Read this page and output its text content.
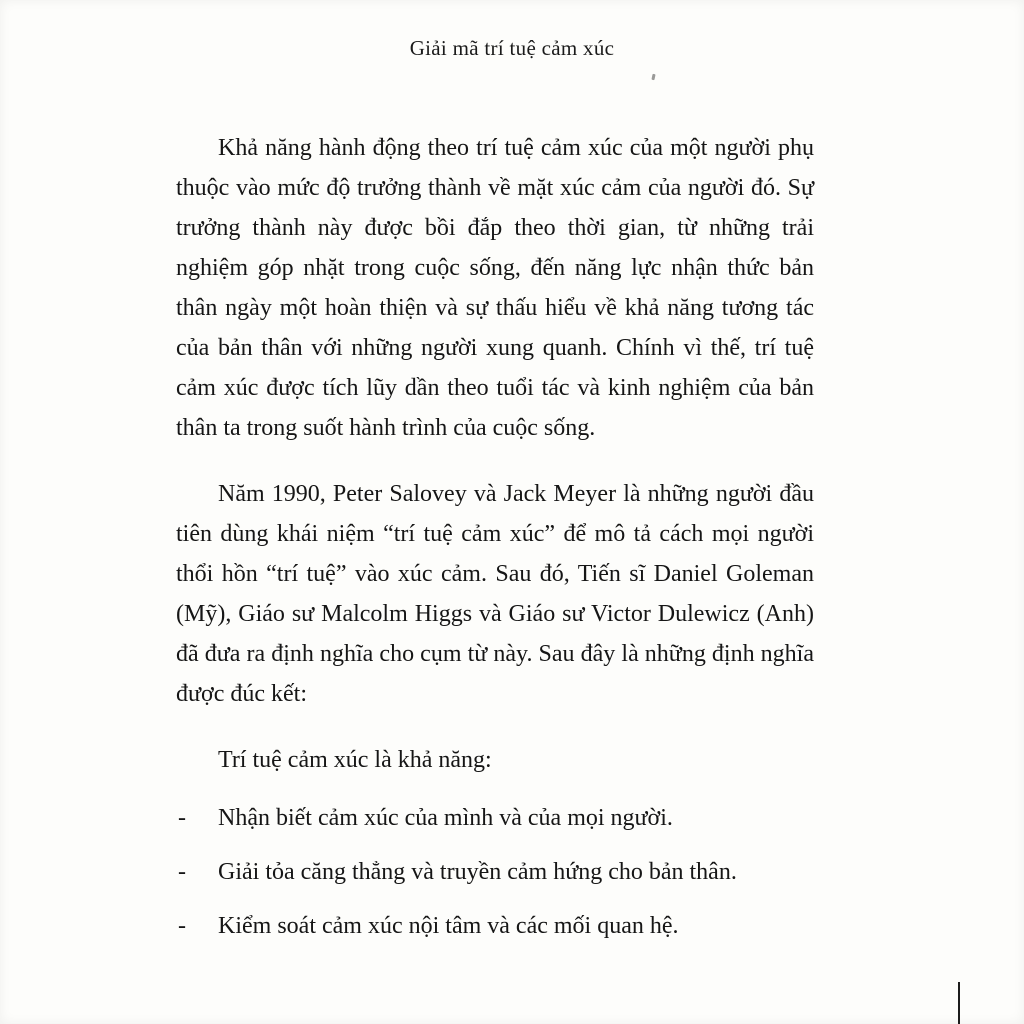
Giải mã trí tuệ cảm xúc

Khả năng hành động theo trí tuệ cảm xúc của một người phụ thuộc vào mức độ trưởng thành về mặt xúc cảm của người đó. Sự trưởng thành này được bồi đắp theo thời gian, từ những trải nghiệm góp nhặt trong cuộc sống, đến năng lực nhận thức bản thân ngày một hoàn thiện và sự thấu hiểu về khả năng tương tác của bản thân với những người xung quanh. Chính vì thế, trí tuệ cảm xúc được tích lũy dần theo tuổi tác và kinh nghiệm của bản thân ta trong suốt hành trình của cuộc sống.

Năm 1990, Peter Salovey và Jack Meyer là những người đầu tiên dùng khái niệm “trí tuệ cảm xúc” để mô tả cách mọi người thổi hồn “trí tuệ” vào xúc cảm. Sau đó, Tiến sĩ Daniel Goleman (Mỹ), Giáo sư Malcolm Higgs và Giáo sư Victor Dulewicz (Anh) đã đưa ra định nghĩa cho cụm từ này. Sau đây là những định nghĩa được đúc kết:

Trí tuệ cảm xúc là khả năng:

-	Nhận biết cảm xúc của mình và của mọi người.
-	Giải tỏa căng thẳng và truyền cảm hứng cho bản thân.
-	Kiểm soát cảm xúc nội tâm và các mối quan hệ.
